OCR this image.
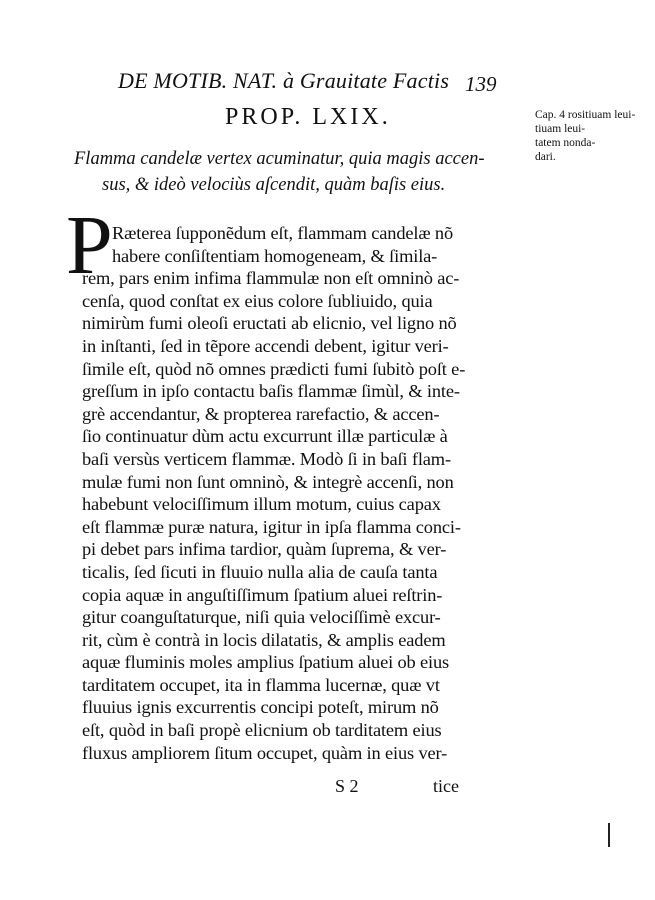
DE MOTIB. NAT. à Grauitate Factis 139
PROP. LXIX.	Cap. 4 rositiuam leui-
tiuam leui-
tatem nonda-
dari.
Flamma candelæ vertex acuminatur, quia magis accen-
sus, & ideò velociùs aſcendit, quàm baſis eius.
P Ræterea ſupponẽdum eſt, flammam candelæ nõ
habere conſiſtentiam homogeneam, & ſimila-
rem, pars enim infima flammulæ non eſt omninò ac-
cenſa, quod conſtat ex eius colore ſubliuido, quia
nimirùm fumi oleoſi eructati ab elicnio, vel ligno nõ
in inſtanti, ſed in tẽpore accendi debent, igitur veri-
ſimile eſt, quòd nõ omnes prædicti fumi ſubitò poſt e-
greſſum in ipſo contactu baſis flammæ ſimùl, & inte-
grè accendantur, & propterea rarefactio, & accen-
ſio continuatur dùm actu excurrunt illæ particulæ à
baſi versùs verticem flammæ. Modò ſi in baſi flam-
mulæ fumi non ſunt omninò, & integrè accenſi, non
habebunt velociſſimum illum motum, cuius capax
eſt flammæ puræ natura, igitur in ipſa flamma conci-
pi debet pars infima tardior, quàm ſuprema, & ver-
ticalis, ſed ſicuti in fluuio nulla alia de cauſa tanta
copia aquæ in anguſtiſſimum ſpatium aluei reſtrin-
gitur coanguſtaturque, niſi quia velociſſimè excur-
rit, cùm è contrà in locis dilatatis, & amplis eadem
aquæ fluminis moles amplius ſpatium aluei ob eius
tarditatem occupet, ita in flamma lucernæ, quæ vt
fluuius ignis excurrentis concipi poteſt, mirum nõ
eſt, quòd in baſi propè elicnium ob tarditatem eius
fluxus ampliorem ſitum occupet, quàm in eius ver-
S 2	tice
